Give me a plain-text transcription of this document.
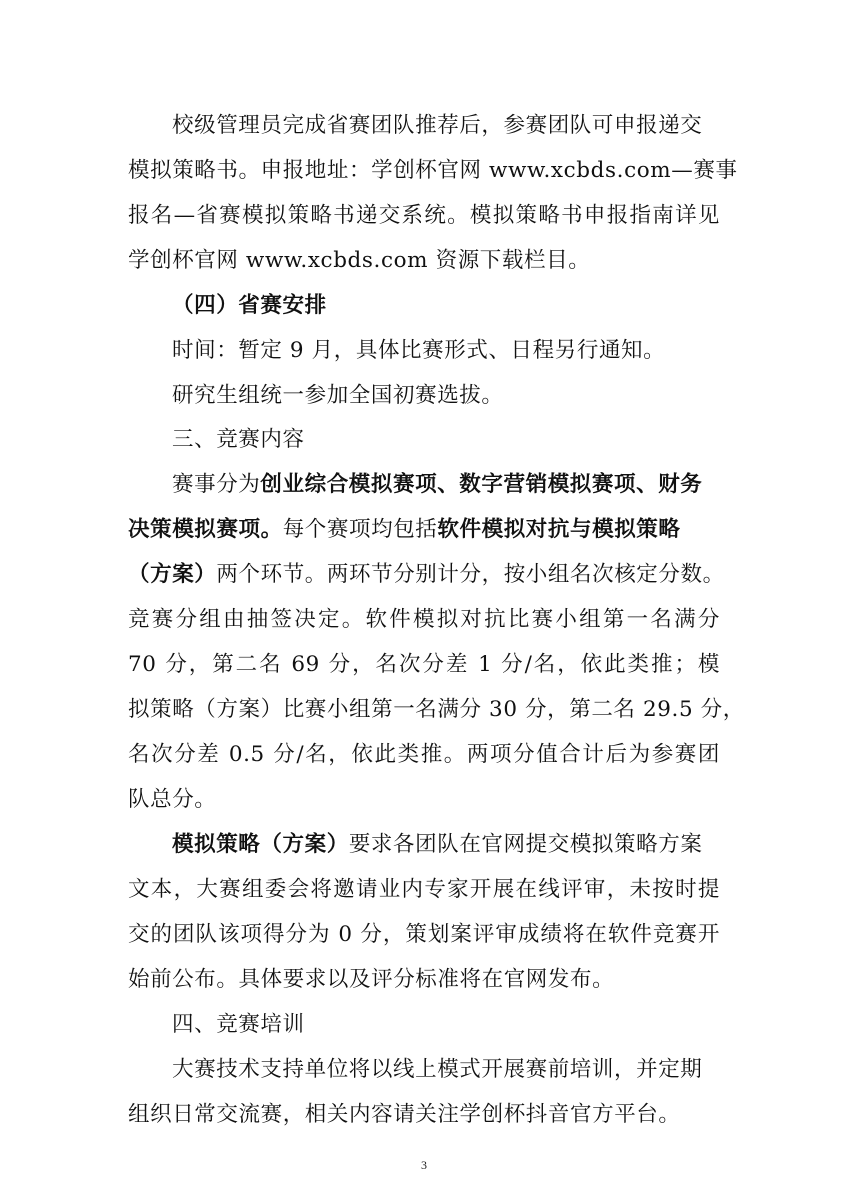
校级管理员完成省赛团队推荐后，参赛团队可申报递交
模拟策略书。申报地址：学创杯官网 www.xcbds.com—赛事
报名—省赛模拟策略书递交系统。模拟策略书申报指南详见
学创杯官网 www.xcbds.com 资源下载栏目。
（四）省赛安排
时间：暂定 9 月，具体比赛形式、日程另行通知。
研究生组统一参加全国初赛选拔。
三、竞赛内容
赛事分为创业综合模拟赛项、数字营销模拟赛项、财务
决策模拟赛项。每个赛项均包括软件模拟对抗与模拟策略
（方案）两个环节。两环节分别计分，按小组名次核定分数。
竞赛分组由抽签决定。软件模拟对抗比赛小组第一名满分
70 分，第二名 69 分，名次分差 1 分/名，依此类推；模
拟策略（方案）比赛小组第一名满分 30 分，第二名 29.5 分，
名次分差 0.5 分/名，依此类推。两项分值合计后为参赛团
队总分。
模拟策略（方案）要求各团队在官网提交模拟策略方案
文本，大赛组委会将邀请业内专家开展在线评审，未按时提
交的团队该项得分为 0 分，策划案评审成绩将在软件竞赛开
始前公布。具体要求以及评分标准将在官网发布。
四、竞赛培训
大赛技术支持单位将以线上模式开展赛前培训，并定期
组织日常交流赛，相关内容请关注学创杯抖音官方平台。
3
